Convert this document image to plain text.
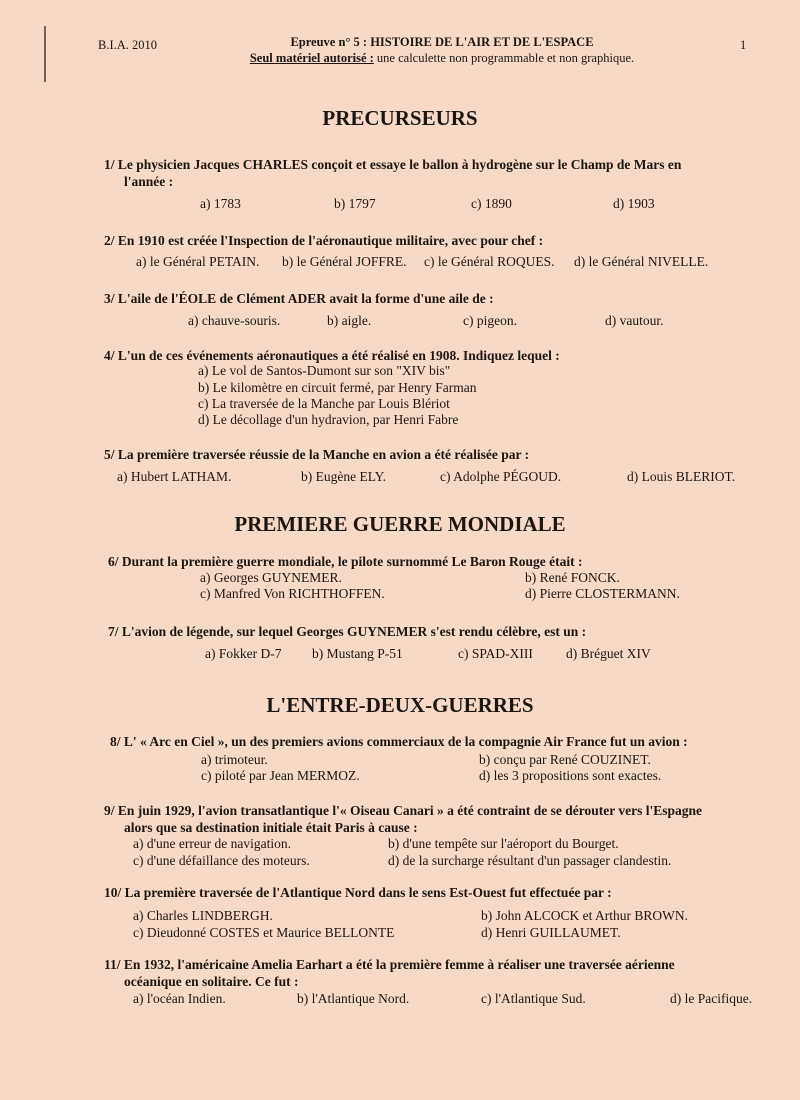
B.I.A. 2010	Epreuve n° 5 : HISTOIRE DE L'AIR ET DE L'ESPACE
Seul matériel autorisé : une calculette non programmable et non graphique.
1
PRECURSEURS
1/ Le physicien Jacques CHARLES conçoit et essaye le ballon à hydrogène sur le Champ de Mars en
l'année :
a) 1783	b) 1797	c) 1890	d) 1903
2/ En 1910 est créée l'Inspection de l'aéronautique militaire, avec pour chef :
a) le Général PETAIN. b) le Général JOFFRE. c) le Général ROQUES. d) le Général NIVELLE.
3/ L'aile de l'ÉOLE de Clément ADER avait la forme d'une aile de :
a) chauve-souris.	b) aigle.	c) pigeon.	d) vautour.
4/ L'un de ces événements aéronautiques a été réalisé en 1908. Indiquez lequel :
a) Le vol de Santos-Dumont sur son "XIV bis"
b) Le kilomètre en circuit fermé, par Henry Farman
c) La traversée de la Manche par Louis Blériot
d) Le décollage d'un hydravion, par Henri Fabre
5/ La première traversée réussie de la Manche en avion a été réalisée par :
a) Hubert LATHAM.	b) Eugène ELY.	c) Adolphe PÉGOUD.	d) Louis BLERIOT.
PREMIERE GUERRE MONDIALE
6/ Durant la première guerre mondiale, le pilote surnommé Le Baron Rouge était :
a) Georges GUYNEMER.	b) René FONCK.
c) Manfred Von RICHTHOFFEN.	d) Pierre CLOSTERMANN.
7/ L'avion de légende, sur lequel Georges GUYNEMER s'est rendu célèbre, est un :
a) Fokker D-7 b) Mustang P-51	c) SPAD-XIII d) Bréguet XIV
L'ENTRE-DEUX-GUERRES
8/ L' « Arc en Ciel », un des premiers avions commerciaux de la compagnie Air France fut un avion :
a) trimoteur.	b) conçu par René COUZINET.
c) piloté par Jean MERMOZ.	d) les 3 propositions sont exactes.
9/ En juin 1929, l'avion transatlantique l'« Oiseau Canari » a été contraint de se dérouter vers l'Espagne
alors que sa destination initiale était Paris à cause :
a) d'une erreur de navigation.	b) d'une tempête sur l'aéroport du Bourget.
c) d'une défaillance des moteurs.	d) de la surcharge résultant d'un passager clandestin.
10/ La première traversée de l'Atlantique Nord dans le sens Est-Ouest fut effectuée par :
a) Charles LINDBERGH.	b) John ALCOCK et Arthur BROWN.
c) Dieudonné COSTES et Maurice BELLONTE	d) Henri GUILLAUMET.
11/ En 1932, l'américaine Amelia Earhart a été la première femme à réaliser une traversée aérienne
océanique en solitaire. Ce fut :
a) l'océan Indien.	b) l'Atlantique Nord.	c) l'Atlantique Sud.	d) le Pacifique.
